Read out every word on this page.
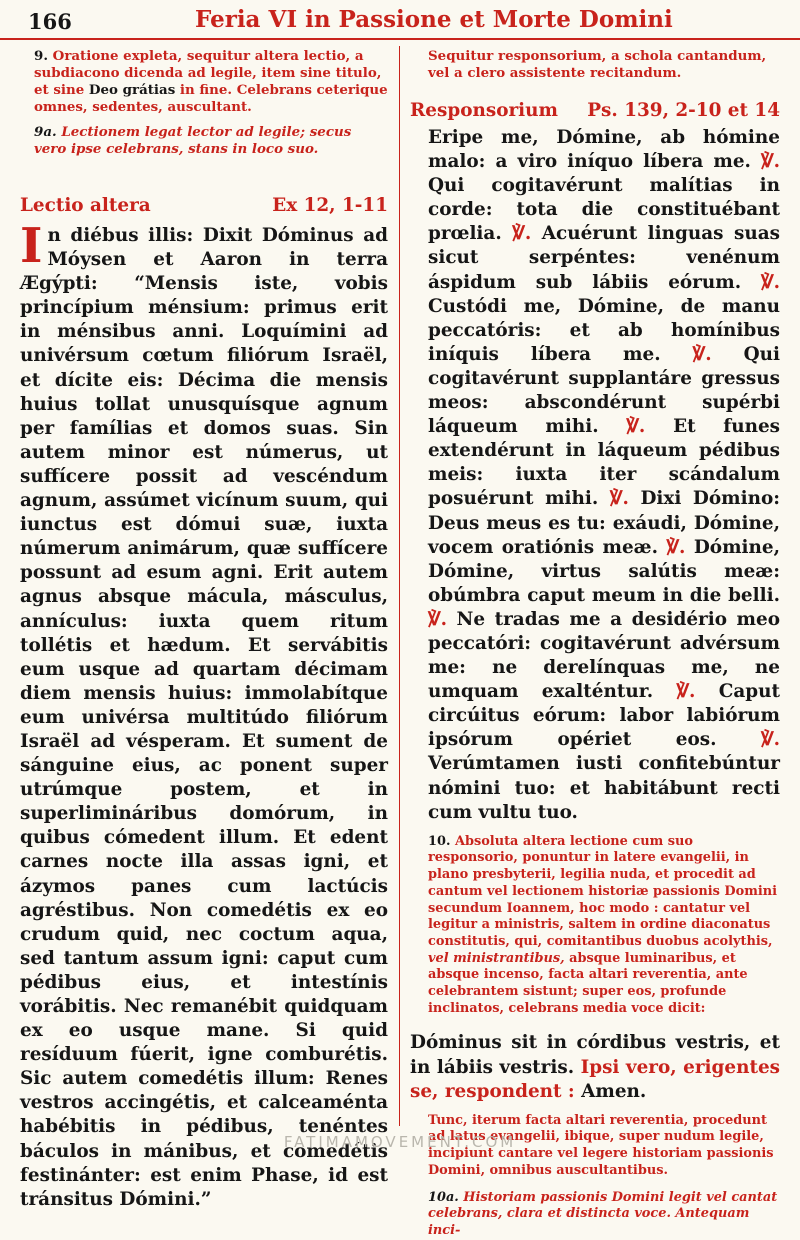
166	Feria VI in Passione et Morte Domini

9. Oratione expleta, sequitur altera lectio, a subdiacono dicenda ad legile, item sine titulo, et sine Deo grátias in fine. Celebrans ceterique omnes, sedentes, auscultant.

9a. Lectionem legat lector ad legile; secus vero ipse celebrans, stans in loco suo.

Lectio altera	Ex 12, 1-11

I n diébus illis: Dixit Dóminus ad Móysen et Aaron in terra Ægýpti: “Mensis iste, vobis princípium ménsium: primus erit in ménsibus anni. Loquímini ad univérsum cœtum filiórum Israël, et dícite eis: Décima die mensis huius tollat unusquísque agnum per famílias et domos suas. Sin autem minor est númerus, ut suffícere possit ad vescéndum agnum, assúmet vicínum suum, qui iunctus est dómui suæ, iuxta númerum animárum, quæ suffícere possunt ad esum agni. Erit autem agnus absque mácula, másculus, annículus: iuxta quem ritum tollétis et hædum. Et servábitis eum usque ad quartam décimam diem mensis huius: immolabítque eum univérsa multitúdo filiórum Israël ad vésperam. Et sument de sánguine eius, ac ponent super utrúmque postem, et in superlimináribus domórum, in quibus cómedent illum. Et edent carnes nocte illa assas igni, et ázymos panes cum lactúcis agréstibus. Non comedétis ex eo crudum quid, nec coctum aqua, sed tantum assum igni: caput cum pédibus eius, et intestínis vorábitis. Nec remanébit quidquam ex eo usque mane. Si quid resíduum fúerit, igne comburétis. Sic autem comedétis illum: Renes vestros accingétis, et calceaménta habébitis in pédibus, tenéntes báculos in mánibus, et comedétis festinánter: est enim Phase, id est tránsitus Dómini.”

Sequitur responsorium, a schola cantandum, vel a clero assistente recitandum.

Responsorium Ps. 139, 2-10 et 14

Eripe me, Dómine, ab hómine malo: a viro iníquo líbera me. ℣. Qui cogitavérunt malítias in corde: tota die constituébant prœlia. ℣. Acuérunt linguas suas sicut serpéntes: venénum áspidum sub lábiis eórum. ℣. Custódi me, Dómine, de manu peccatóris: et ab homínibus iníquis líbera me. ℣. Qui cogitavérunt supplantáre gressus meos: abscondérunt supérbi láqueum mihi. ℣. Et funes extendérunt in láqueum pédibus meis: iuxta iter scándalum posuérunt mihi. ℣. Dixi Dómino: Deus meus es tu: exáudi, Dómine, vocem oratiónis meæ. ℣. Dómine, Dómine, virtus salútis meæ: obúmbra caput meum in die belli. ℣. Ne tradas me a desidério meo peccatóri: cogitavérunt advérsum me: ne derelínquas me, ne umquam exalténtur. ℣. Caput circúitus eórum: labor labiórum ipsórum opériet eos. ℣. Verúmtamen iusti confitebúntur nómini tuo: et habitábunt recti cum vultu tuo.

10. Absoluta altera lectione cum suo responsorio, ponuntur in latere evangelii, in plano presbyterii, legilia nuda, et procedit ad cantum vel lectionem historiæ passionis Domini secundum Ioannem, hoc modo : cantatur vel legitur a ministris, saltem in ordine diaconatus constitutis, qui, comitantibus duobus acolythis, vel ministrantibus, absque luminaribus, et absque incenso, facta altari reverentia, ante celebrantem sistunt; super eos, profunde inclinatos, celebrans media voce dicit:

Dóminus sit in córdibus vestris, et in lábiis vestris. Ipsi vero, erigentes se, respondent : Amen.

Tunc, iterum facta altari reverentia, procedunt ad latus evangelii, ibique, super nudum legile, incipiunt cantare vel legere historiam passionis Domini, omnibus auscultantibus.

10a. Historiam passionis Domini legit vel cantat celebrans, clara et distincta voce. Antequam inci-

FATIMAMOVEMENT.COM
